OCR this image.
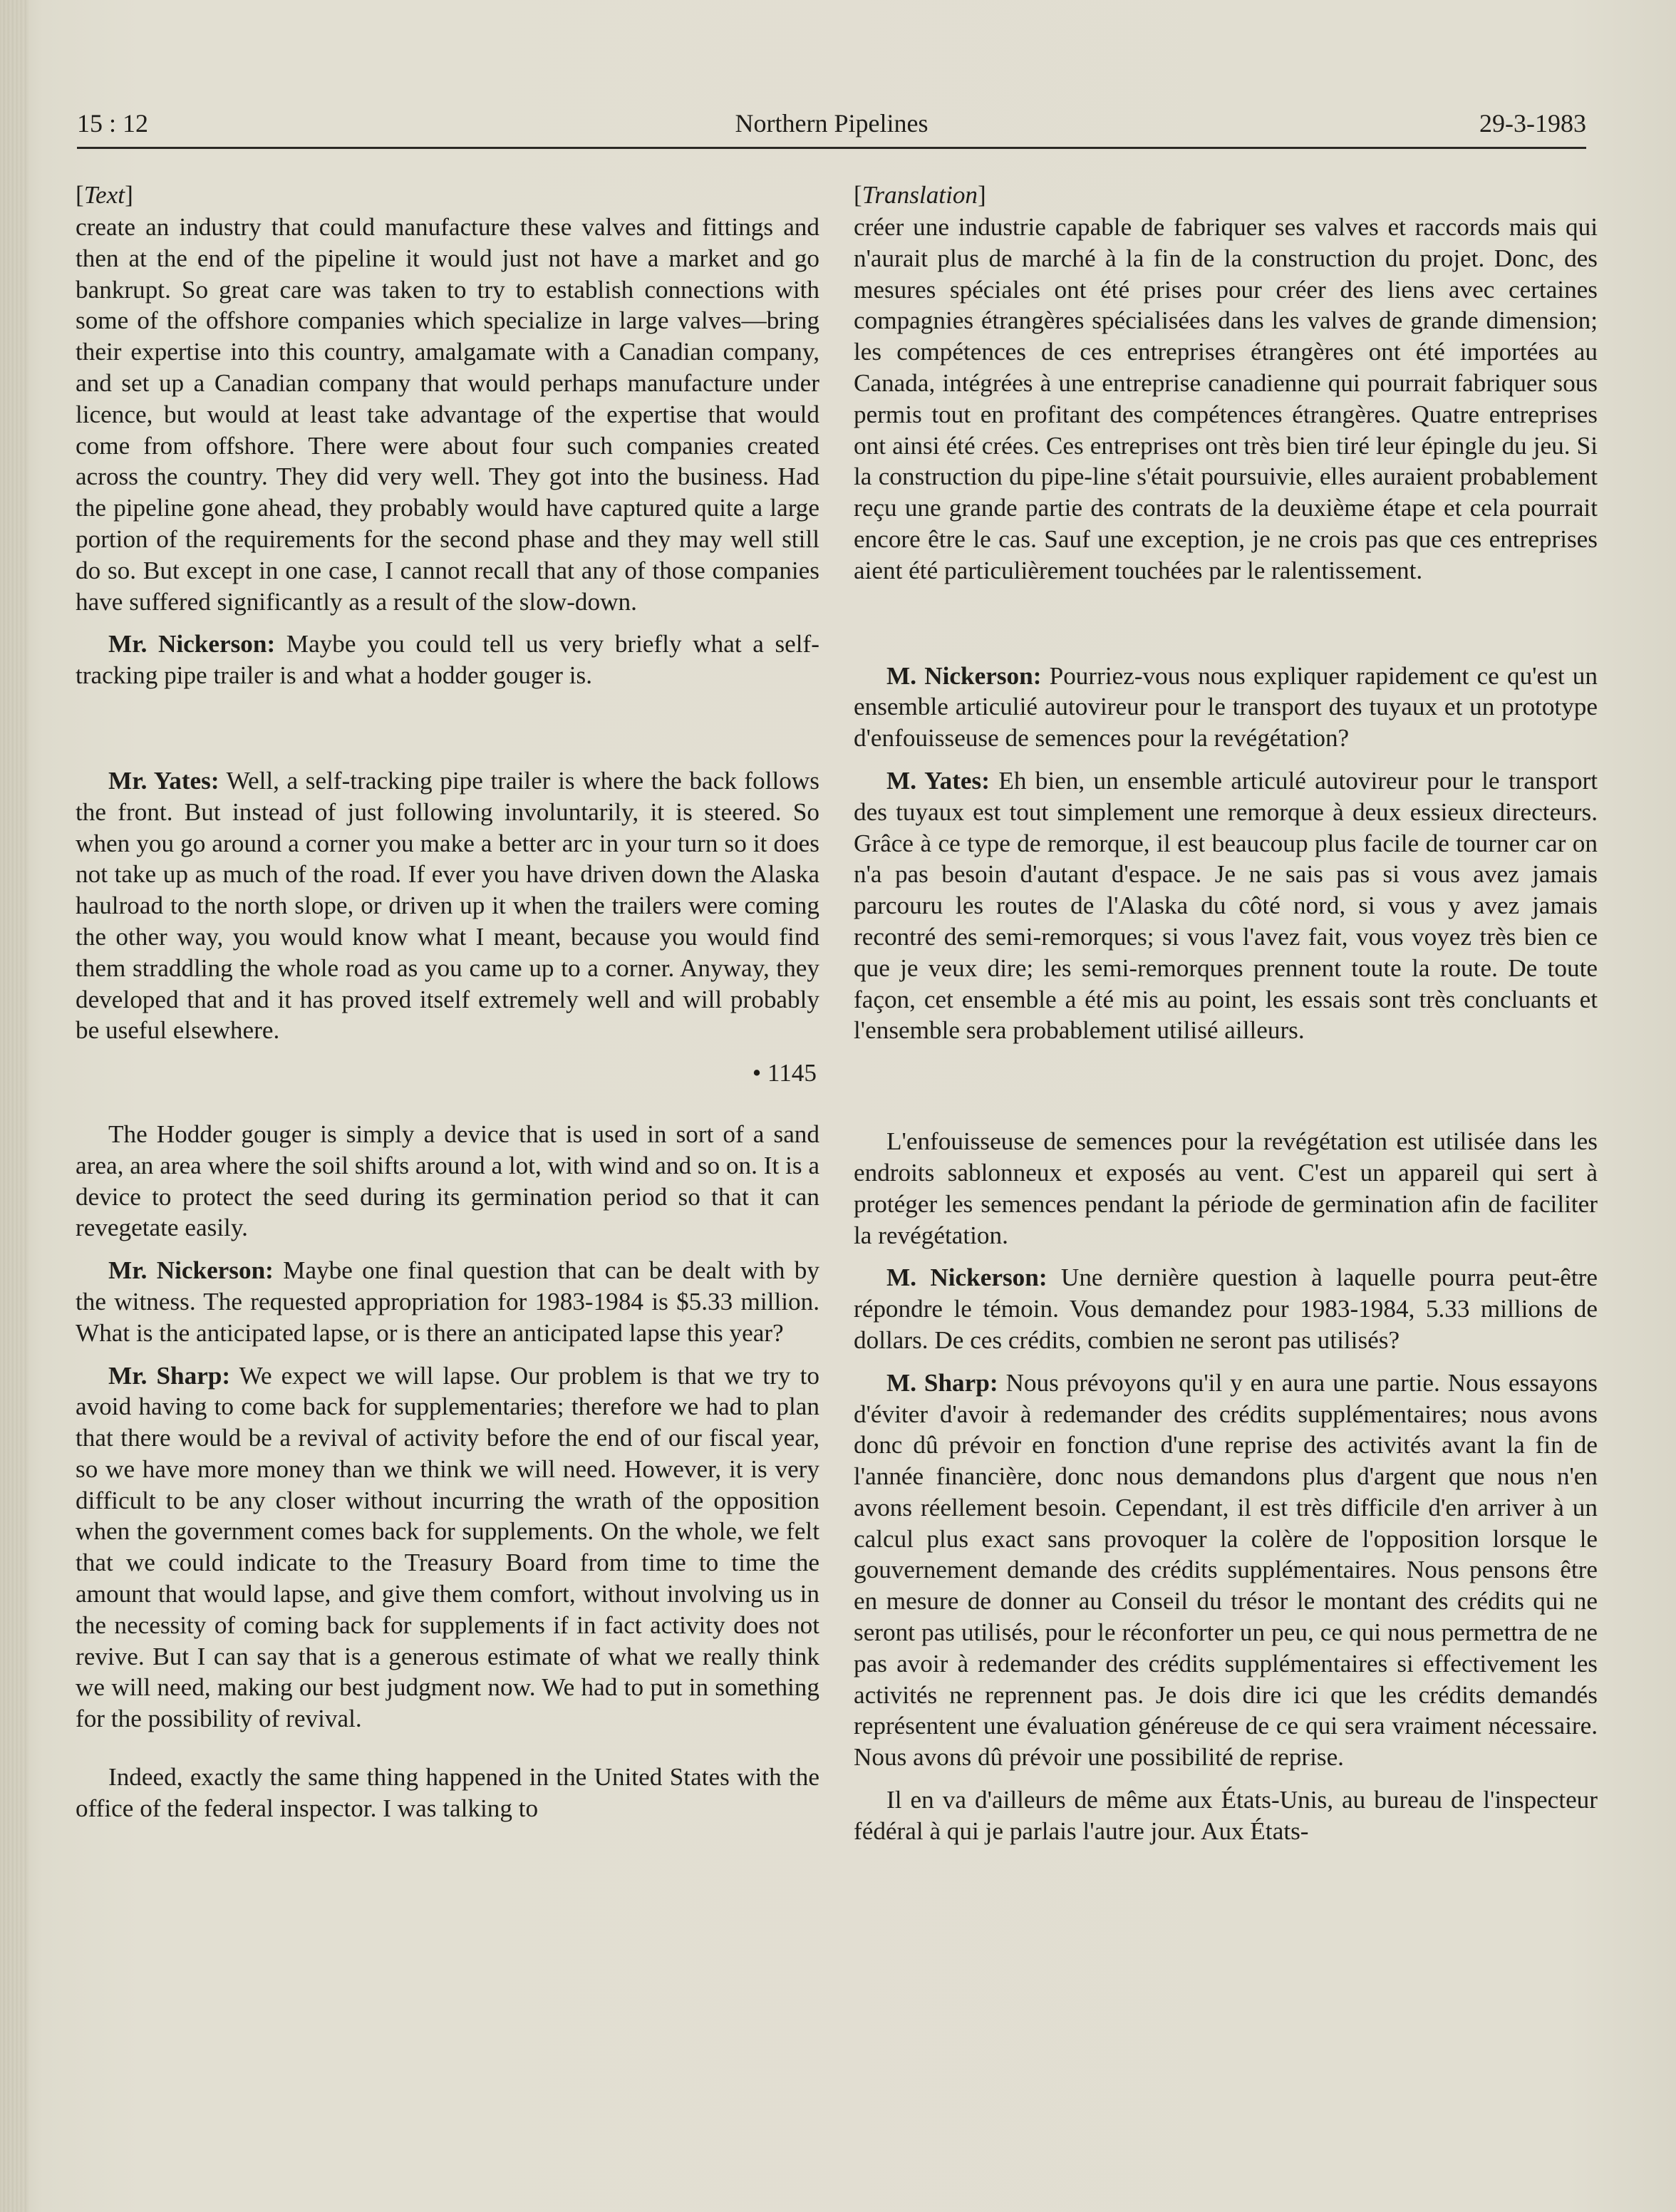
15 : 12	Northern Pipelines	29-3-1983
[Text]

create an industry that could manufacture these valves and fittings and then at the end of the pipeline it would just not have a market and go bankrupt. So great care was taken to try to establish connections with some of the offshore companies which specialize in large valves—bring their expertise into this country, amalgamate with a Canadian company, and set up a Canadian company that would perhaps manufacture under licence, but would at least take advantage of the expertise that would come from offshore. There were about four such companies created across the country. They did very well. They got into the business. Had the pipeline gone ahead, they probably would have captured quite a large portion of the requirements for the second phase and they may well still do so. But except in one case, I cannot recall that any of those companies have suffered significantly as a result of the slow-down.

Mr. Nickerson: Maybe you could tell us very briefly what a self-tracking pipe trailer is and what a hodder gouger is.

Mr. Yates: Well, a self-tracking pipe trailer is where the back follows the front. But instead of just following involuntarily, it is steered. So when you go around a corner you make a better arc in your turn so it does not take up as much of the road. If ever you have driven down the Alaska haulroad to the north slope, or driven up it when the trailers were coming the other way, you would know what I meant, because you would find them straddling the whole road as you came up to a corner. Anyway, they developed that and it has proved itself extremely well and will probably be useful elsewhere.

• 1145

The Hodder gouger is simply a device that is used in sort of a sand area, an area where the soil shifts around a lot, with wind and so on. It is a device to protect the seed during its germination period so that it can revegetate easily.

Mr. Nickerson: Maybe one final question that can be dealt with by the witness. The requested appropriation for 1983-1984 is $5.33 million. What is the anticipated lapse, or is there an anticipated lapse this year?

Mr. Sharp: We expect we will lapse. Our problem is that we try to avoid having to come back for supplementaries; therefore we had to plan that there would be a revival of activity before the end of our fiscal year, so we have more money than we think we will need. However, it is very difficult to be any closer without incurring the wrath of the opposition when the government comes back for supplements. On the whole, we felt that we could indicate to the Treasury Board from time to time the amount that would lapse, and give them comfort, without involving us in the necessity of coming back for supplements if in fact activity does not revive. But I can say that is a generous estimate of what we really think we will need, making our best judgment now. We had to put in something for the possibility of revival.

Indeed, exactly the same thing happened in the United States with the office of the federal inspector. I was talking to

[Translation]

créer une industrie capable de fabriquer ses valves et raccords mais qui n'aurait plus de marché à la fin de la construction du projet. Donc, des mesures spéciales ont été prises pour créer des liens avec certaines compagnies étrangères spécialisées dans les valves de grande dimension; les compétences de ces entreprises étrangères ont été importées au Canada, intégrées à une entreprise canadienne qui pourrait fabriquer sous permis tout en profitant des compétences étrangères. Quatre entreprises ont ainsi été crées. Ces entreprises ont très bien tiré leur épingle du jeu. Si la construction du pipe-line s'était poursuivie, elles auraient probablement reçu une grande partie des contrats de la deuxième étape et cela pourrait encore être le cas. Sauf une exception, je ne crois pas que ces entreprises aient été particulièrement touchées par le ralentissement.

M. Nickerson: Pourriez-vous nous expliquer rapidement ce qu'est un ensemble articulié autovireur pour le transport des tuyaux et un prototype d'enfouisseuse de semences pour la revégétation?

M. Yates: Eh bien, un ensemble articulé autovireur pour le transport des tuyaux est tout simplement une remorque à deux essieux directeurs. Grâce à ce type de remorque, il est beaucoup plus facile de tourner car on n'a pas besoin d'autant d'espace. Je ne sais pas si vous avez jamais parcouru les routes de l'Alaska du côté nord, si vous y avez jamais recontré des semi-remorques; si vous l'avez fait, vous voyez très bien ce que je veux dire; les semi-remorques prennent toute la route. De toute façon, cet ensemble a été mis au point, les essais sont très concluants et l'ensemble sera probablement utilisé ailleurs.

L'enfouisseuse de semences pour la revégétation est utilisée dans les endroits sablonneux et exposés au vent. C'est un appareil qui sert à protéger les semences pendant la période de germination afin de faciliter la revégétation.

M. Nickerson: Une dernière question à laquelle pourra peut-être répondre le témoin. Vous demandez pour 1983-1984, 5.33 millions de dollars. De ces crédits, combien ne seront pas utilisés?

M. Sharp: Nous prévoyons qu'il y en aura une partie. Nous essayons d'éviter d'avoir à redemander des crédits supplémentaires; nous avons donc dû prévoir en fonction d'une reprise des activités avant la fin de l'année financière, donc nous demandons plus d'argent que nous n'en avons réellement besoin. Cependant, il est très difficile d'en arriver à un calcul plus exact sans provoquer la colère de l'opposition lorsque le gouvernement demande des crédits supplémentaires. Nous pensons être en mesure de donner au Conseil du trésor le montant des crédits qui ne seront pas utilisés, pour le réconforter un peu, ce qui nous permettra de ne pas avoir à redemander des crédits supplémentaires si effectivement les activités ne reprennent pas. Je dois dire ici que les crédits demandés représentent une évaluation généreuse de ce qui sera vraiment nécessaire. Nous avons dû prévoir une possibilité de reprise.

Il en va d'ailleurs de même aux États-Unis, au bureau de l'inspecteur fédéral à qui je parlais l'autre jour. Aux États-
